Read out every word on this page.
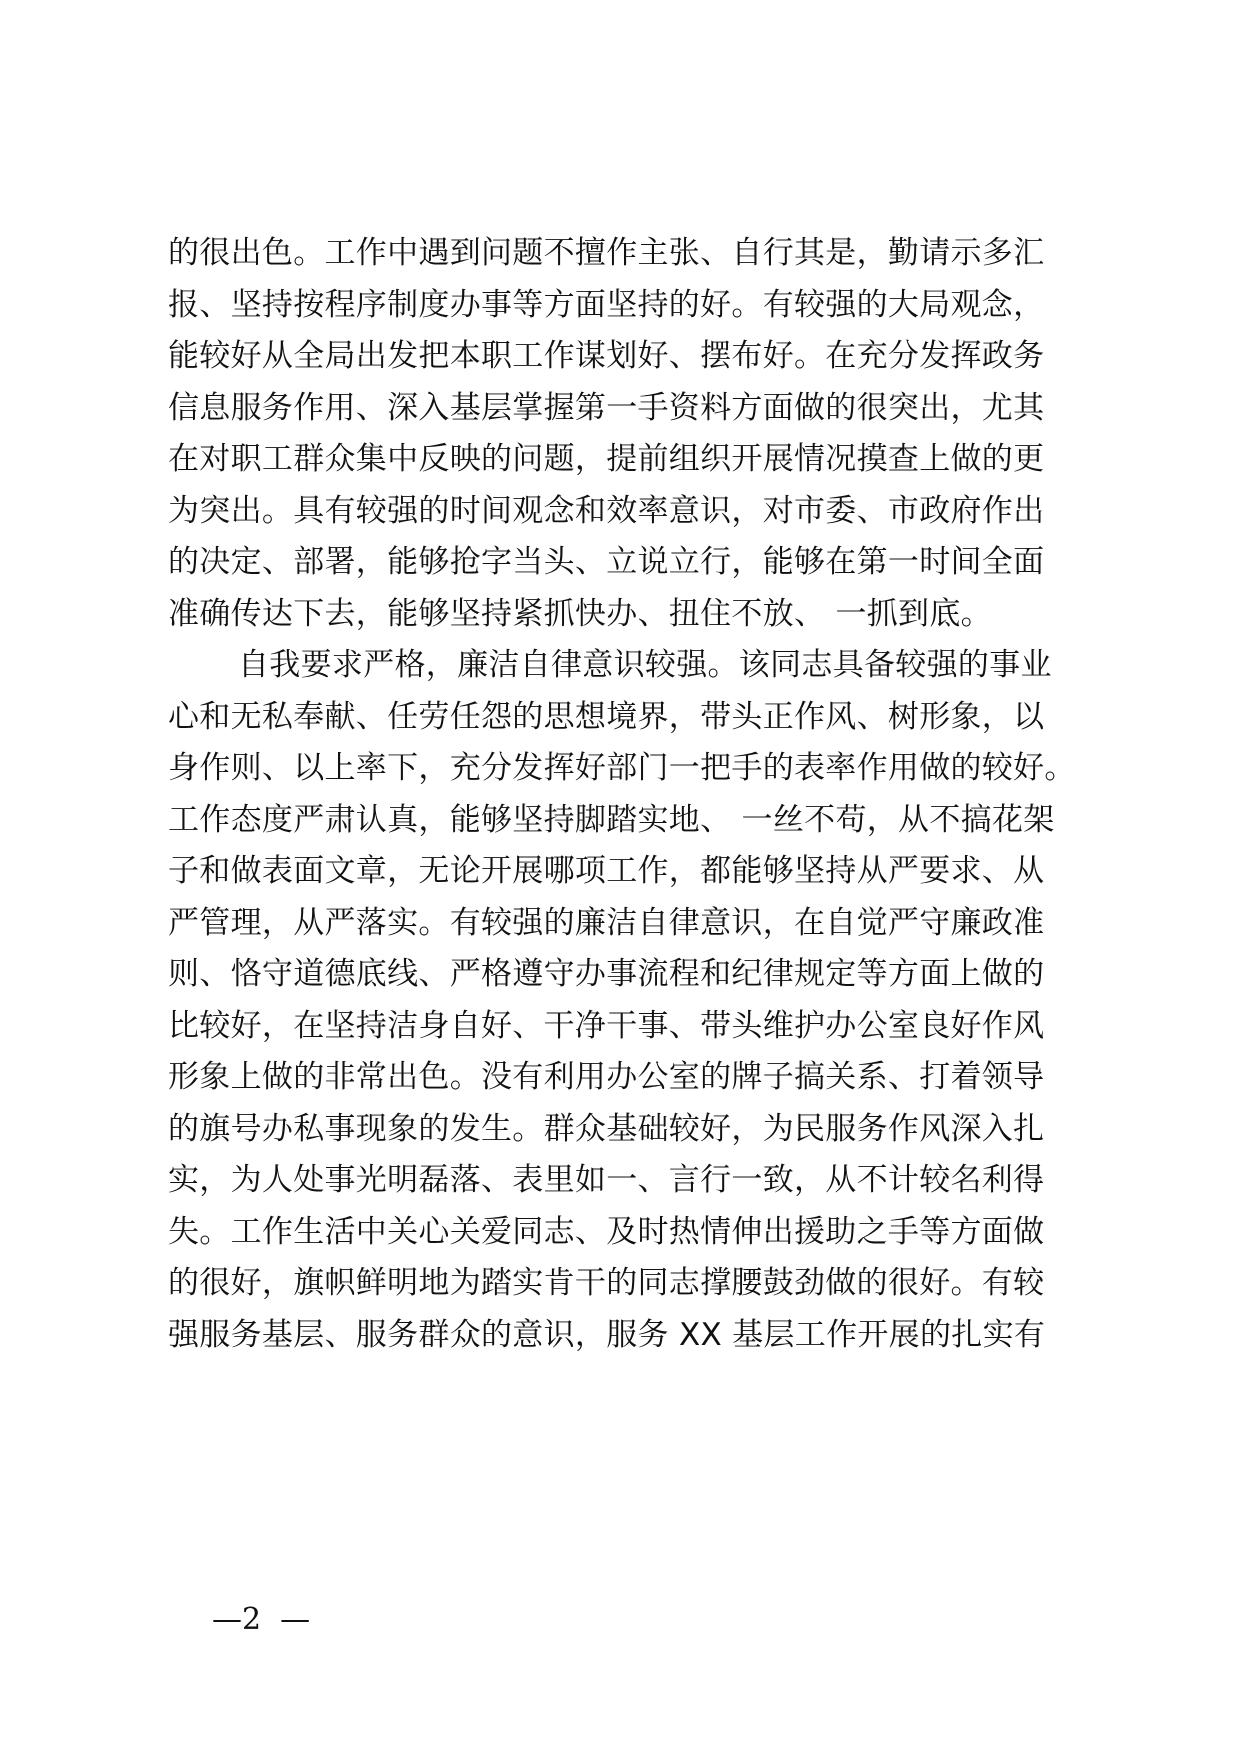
的很出色。工作中遇到问题不擅作主张、自行其是，勤请示多汇
报、坚持按程序制度办事等方面坚持的好。有较强的大局观念，
能较好从全局出发把本职工作谋划好、摆布好。在充分发挥政务
信息服务作用、深入基层掌握第一手资料方面做的很突出，尤其
在对职工群众集中反映的问题，提前组织开展情况摸查上做的更
为突出。具有较强的时间观念和效率意识，对市委、市政府作出
的决定、部署，能够抢字当头、立说立行，能够在第一时间全面
准确传达下去，能够坚持紧抓快办、扭住不放、 一抓到底。
自我要求严格，廉洁自律意识较强。该同志具备较强的事业
心和无私奉献、任劳任怨的思想境界，带头正作风、树形象，以
身作则、以上率下，充分发挥好部门一把手的表率作用做的较好。
工作态度严肃认真，能够坚持脚踏实地、 一丝不苟，从不搞花架
子和做表面文章，无论开展哪项工作，都能够坚持从严要求、从
严管理，从严落实。有较强的廉洁自律意识，在自觉严守廉政准
则、恪守道德底线、严格遵守办事流程和纪律规定等方面上做的
比较好，在坚持洁身自好、干净干事、带头维护办公室良好作风
形象上做的非常出色。没有利用办公室的牌子搞关系、打着领导
的旗号办私事现象的发生。群众基础较好，为民服务作风深入扎
实，为人处事光明磊落、表里如一、言行一致，从不计较名利得
失。工作生活中关心关爱同志、及时热情伸出援助之手等方面做
的很好，旗帜鲜明地为踏实肯干的同志撑腰鼓劲做的很好。有较
强服务基层、服务群众的意识，服务 XX 基层工作开展的扎实有
—2  —
